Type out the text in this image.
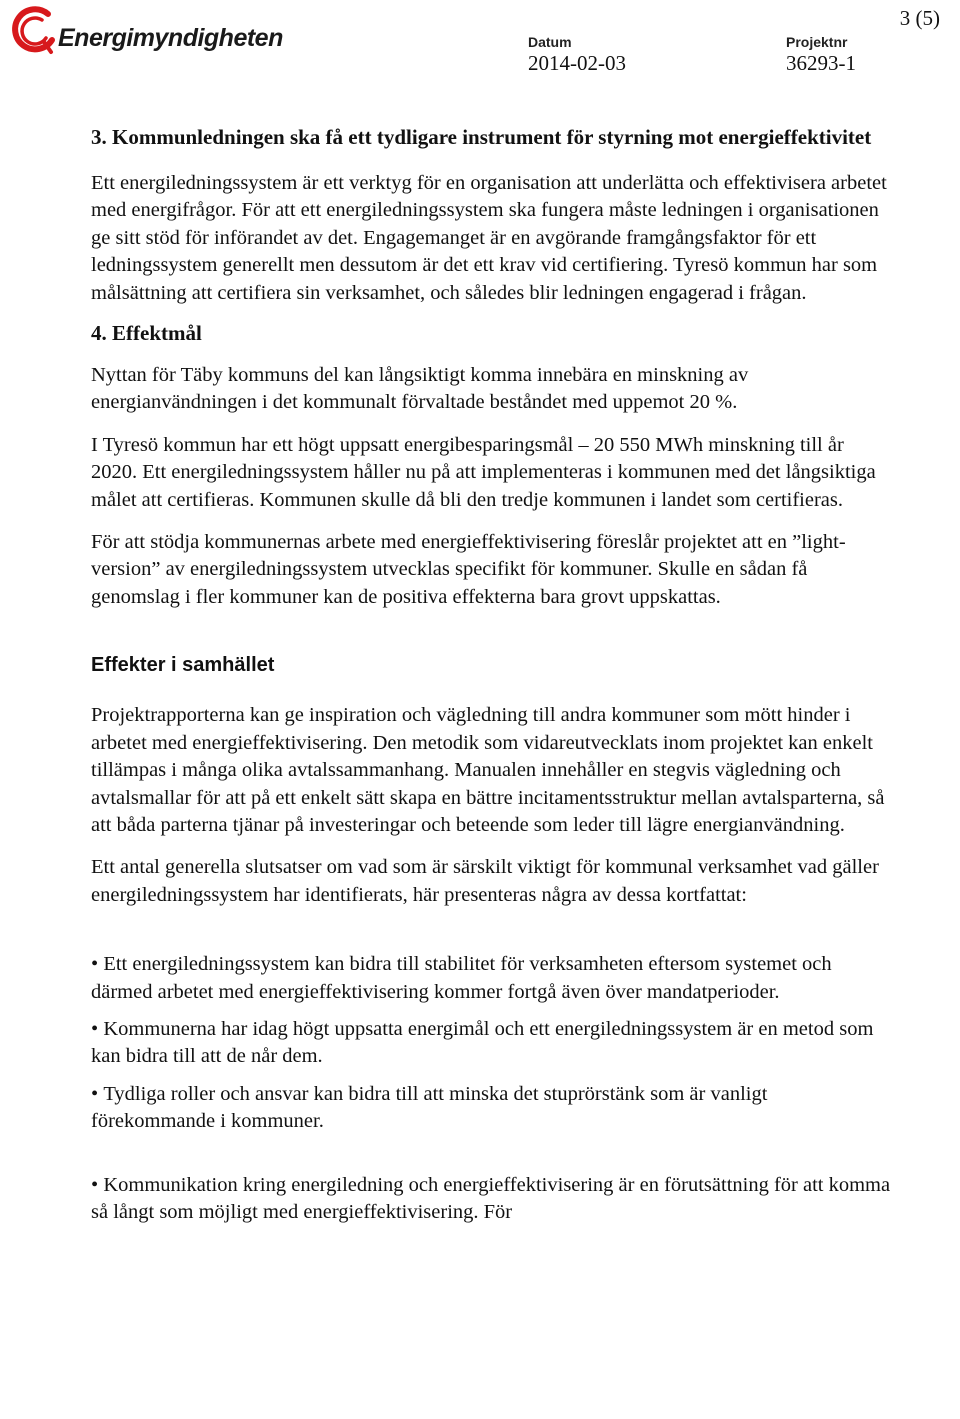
Energimyndigheten	Datum
2014-02-03
Projektnr
36293-1
3 (5)
3. Kommunledningen ska få ett tydligare instrument för styrning mot energieffektivitet

Ett energiledningssystem är ett verktyg för en organisation att underlätta och effektivisera arbetet med energifrågor. För att ett energiledningssystem ska fungera måste ledningen i organisationen ge sitt stöd för införandet av det. Engagemanget är en avgörande framgångsfaktor för ett ledningssystem generellt men dessutom är det ett krav vid certifiering. Tyresö kommun har som målsättning att certifiera sin verksamhet, och således blir ledningen engagerad i frågan.

4. Effektmål

Nyttan för Täby kommuns del kan långsiktigt komma innebära en minskning av energianvändningen i det kommunalt förvaltade beståndet med uppemot 20 %.

I Tyresö kommun har ett högt uppsatt energibesparingsmål – 20 550 MWh minskning till år 2020. Ett energiledningssystem håller nu på att implementeras i kommunen med det långsiktiga målet att certifieras. Kommunen skulle då bli den tredje kommunen i landet som certifieras.

För att stödja kommunernas arbete med energieffektivisering föreslår projektet att en ”light-version” av energiledningssystem utvecklas specifikt för kommuner. Skulle en sådan få genomslag i fler kommuner kan de positiva effekterna bara grovt uppskattas.

Effekter i samhället

Projektrapporterna kan ge inspiration och vägledning till andra kommuner som mött hinder i arbetet med energieffektivisering. Den metodik som vidareutvecklats inom projektet kan enkelt tillämpas i många olika avtalssammanhang. Manualen innehåller en stegvis vägledning och avtalsmallar för att på ett enkelt sätt skapa en bättre incitamentsstruktur mellan avtalsparterna, så att båda parterna tjänar på investeringar och beteende som leder till lägre energianvändning.

Ett antal generella slutsatser om vad som är särskilt viktigt för kommunal verksamhet vad gäller energiledningssystem har identifierats, här presenteras några av dessa kortfattat:

• Ett energiledningssystem kan bidra till stabilitet för verksamheten eftersom systemet och därmed arbetet med energieffektivisering kommer fortgå även över mandatperioder.

• Kommunerna har idag högt uppsatta energimål och ett energiledningssystem är en metod som kan bidra till att de når dem.

• Tydliga roller och ansvar kan bidra till att minska det stuprörstänk som är vanligt förekommande i kommuner.

• Kommunikation kring energiledning och energieffektivisering är en förutsättning för att komma så långt som möjligt med energieffektivisering. För
